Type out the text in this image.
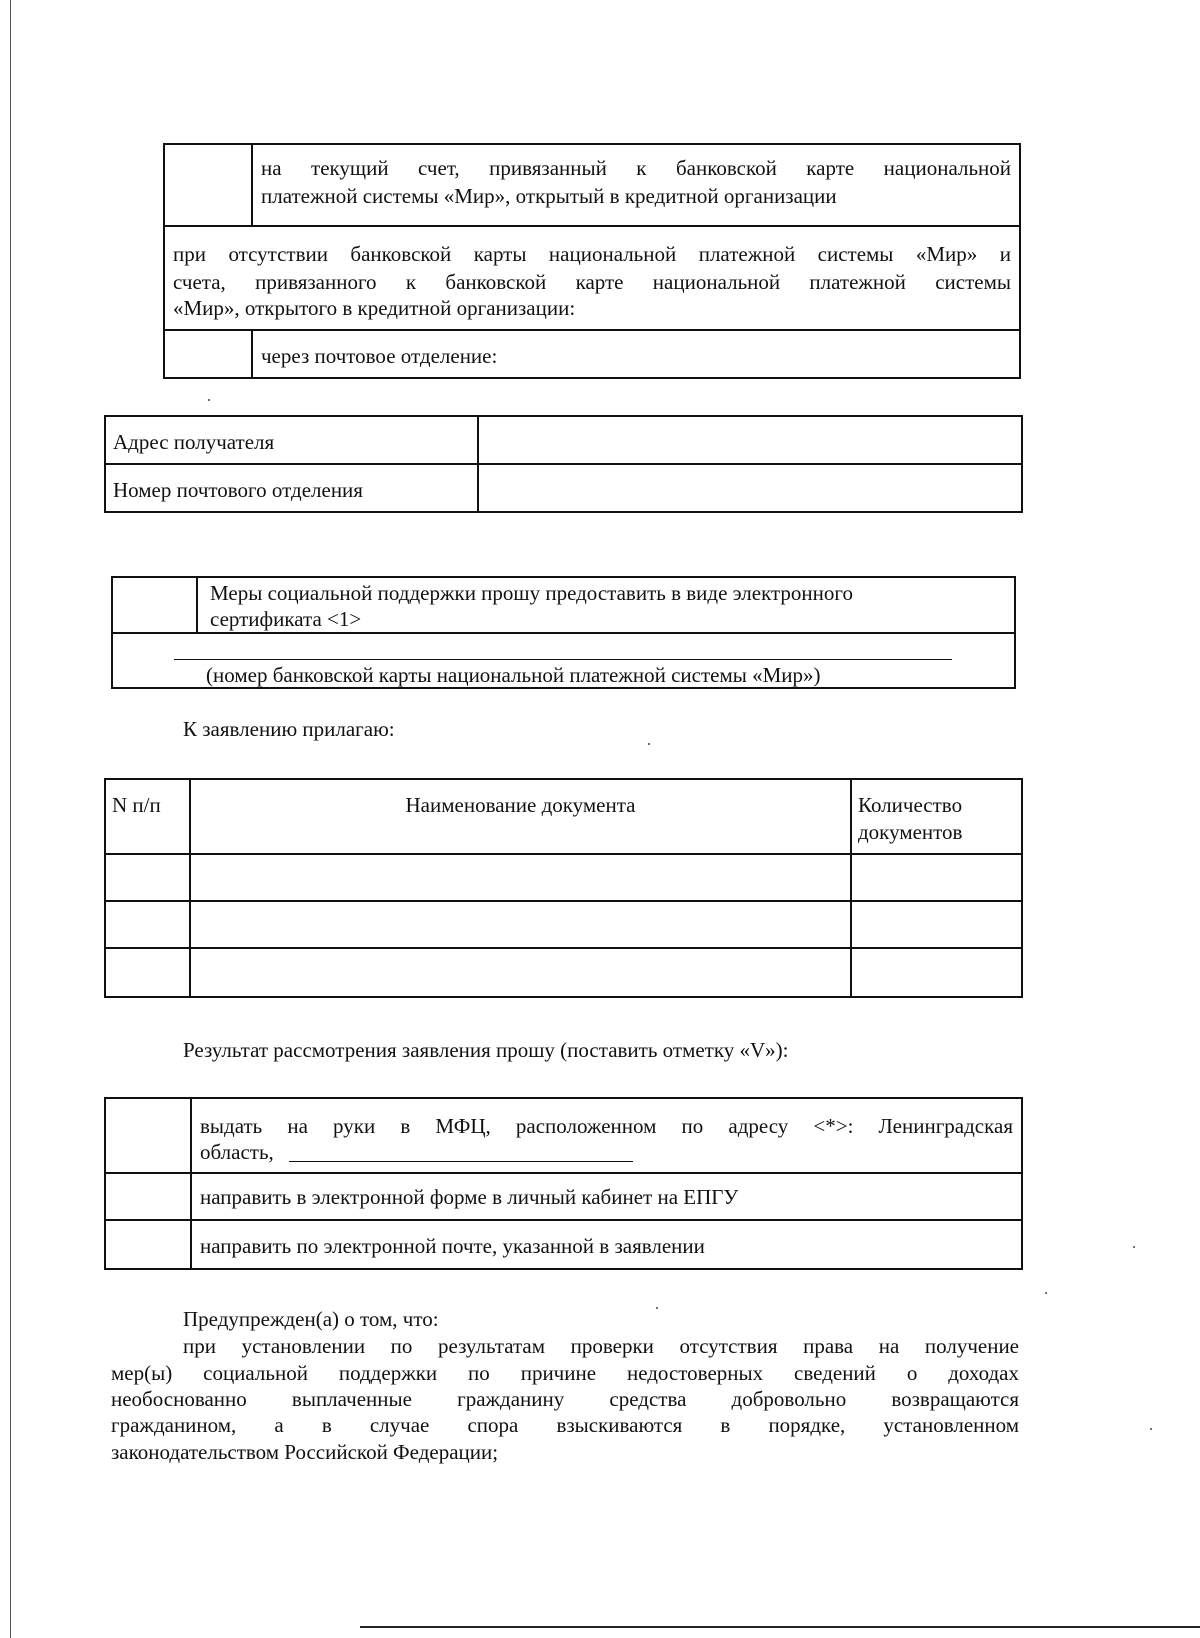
на текущий счет, привязанный к банковской карте национальной
платежной системы «Мир», открытый в кредитной организации
при отсутствии банковской карты национальной платежной системы «Мир» и
счета, привязанного к банковской карте национальной платежной системы
«Мир», открытого в кредитной организации:
через почтовое отделение:
Адрес получателя
Номер почтового отделения
Меры социальной поддержки прошу предоставить в виде электронного
сертификата <1>
(номер банковской карты национальной платежной системы «Мир»)
К заявлению прилагаю:
N п/п	Наименование документа	Количество
документов
Результат рассмотрения заявления прошу (поставить отметку «V»):
выдать на руки в МФЦ, расположенном по адресу <*>: Ленинградская
область,
направить в электронной форме в личный кабинет на ЕПГУ
направить по электронной почте, указанной в заявлении
Предупрежден(а) о том, что:
при установлении по результатам проверки отсутствия права на получение
мер(ы) социальной поддержки по причине недостоверных сведений о доходах
необоснованно выплаченные гражданину средства добровольно возвращаются
гражданином, а в случае спора взыскиваются в порядке, установленном
законодательством Российской Федерации;
